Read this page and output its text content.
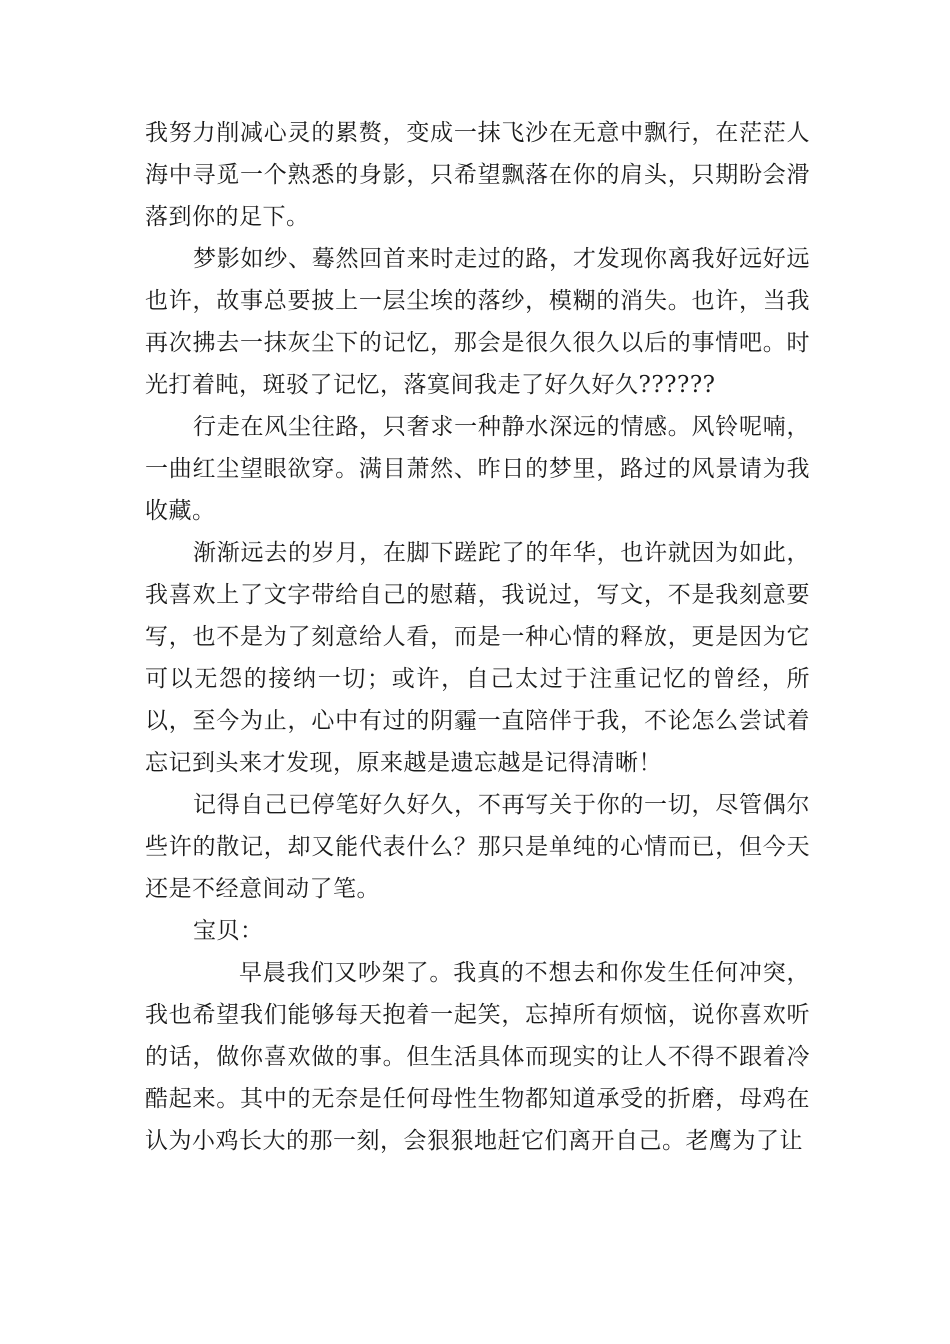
我努力削减心灵的累赘，变成一抹飞沙在无意中飘行，在茫茫人海中寻觅一个熟悉的身影，只希望飘落在你的肩头，只期盼会滑落到你的足下。

梦影如纱、蓦然回首来时走过的路，才发现你离我好远好远也许，故事总要披上一层尘埃的落纱，模糊的消失。也许，当我再次拂去一抹灰尘下的记忆，那会是很久很久以后的事情吧。时光打着盹，斑驳了记忆，落寞间我走了好久好久??????

行走在风尘往路，只奢求一种静水深远的情感。风铃呢喃，一曲红尘望眼欲穿。满目萧然、昨日的梦里，路过的风景请为我收藏。

渐渐远去的岁月，在脚下蹉跎了的年华，也许就因为如此，我喜欢上了文字带给自己的慰藉，我说过，写文，不是我刻意要写，也不是为了刻意给人看，而是一种心情的释放，更是因为它可以无怨的接纳一切；或许，自己太过于注重记忆的曾经，所以，至今为止，心中有过的阴霾一直陪伴于我，不论怎么尝试着忘记到头来才发现，原来越是遗忘越是记得清晰！

记得自己已停笔好久好久，不再写关于你的一切，尽管偶尔些许的散记，却又能代表什么？那只是单纯的心情而已，但今天还是不经意间动了笔。

宝贝：

早晨我们又吵架了。我真的不想去和你发生任何冲突，我也希望我们能够每天抱着一起笑，忘掉所有烦恼，说你喜欢听的话，做你喜欢做的事。但生活具体而现实的让人不得不跟着冷酷起来。其中的无奈是任何母性生物都知道承受的折磨，母鸡在认为小鸡长大的那一刻，会狠狠地赶它们离开自己。老鹰为了让
